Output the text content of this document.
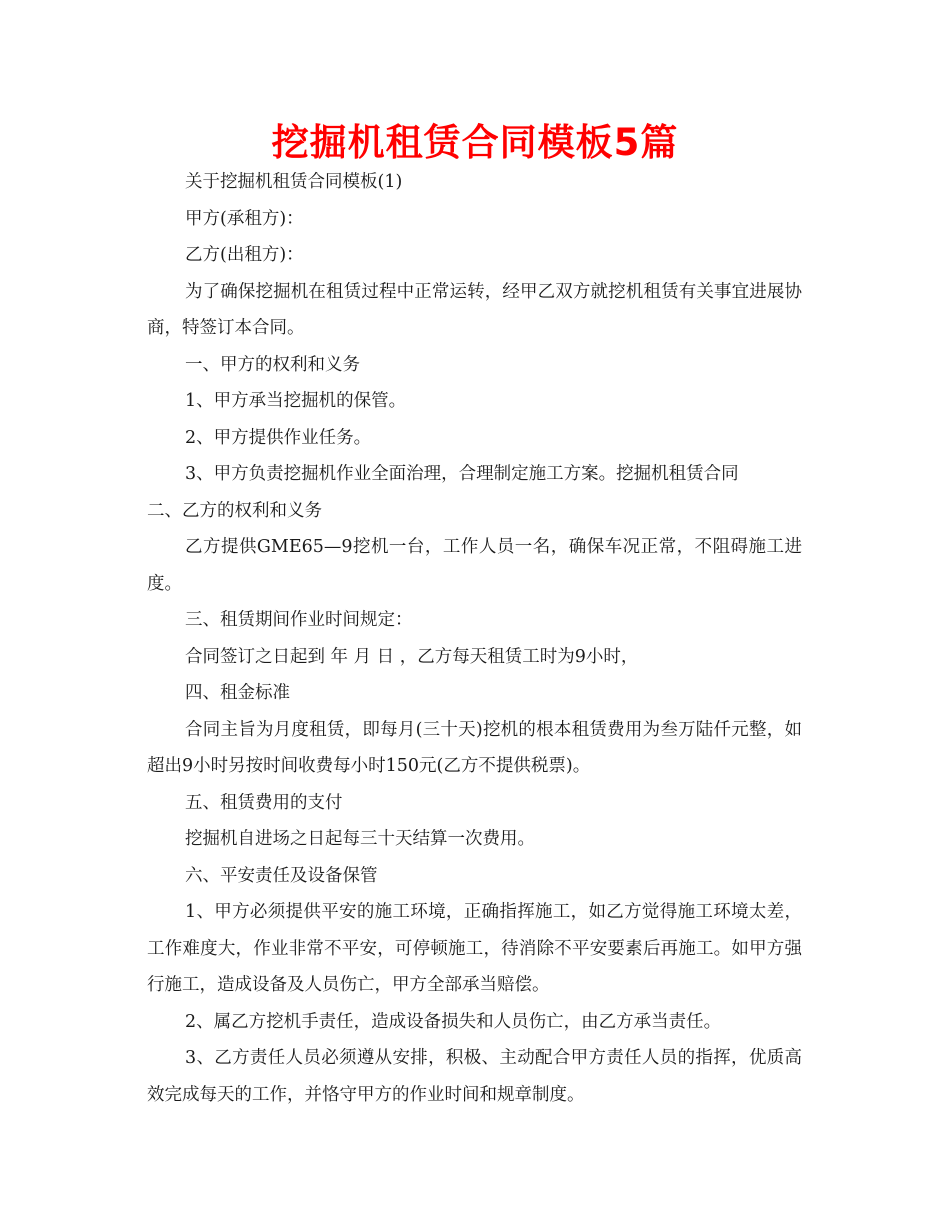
挖掘机租赁合同模板5篇

关于挖掘机租赁合同模板(1)

甲方(承租方)：

乙方(出租方)：

为了确保挖掘机在租赁过程中正常运转，经甲乙双方就挖机租赁有关事宜进展协商，特签订本合同。

一、甲方的权利和义务

1、甲方承当挖掘机的保管。

2、甲方提供作业任务。

3、甲方负责挖掘机作业全面治理，合理制定施工方案。挖掘机租赁合同

二、乙方的权利和义务

乙方提供GME65—9挖机一台，工作人员一名，确保车况正常，不阻碍施工进度。

三、租赁期间作业时间规定：

合同签订之日起到 年 月 日 ，乙方每天租赁工时为9小时，

四、租金标准

合同主旨为月度租赁，即每月(三十天)挖机的根本租赁费用为叁万陆仟元整，如超出9小时另按时间收费每小时150元(乙方不提供税票)。

五、租赁费用的支付

挖掘机自进场之日起每三十天结算一次费用。

六、平安责任及设备保管

1、甲方必须提供平安的施工环境，正确指挥施工，如乙方觉得施工环境太差，工作难度大，作业非常不平安，可停顿施工，待消除不平安要素后再施工。如甲方强行施工，造成设备及人员伤亡，甲方全部承当赔偿。

2、属乙方挖机手责任，造成设备损失和人员伤亡，由乙方承当责任。

3、乙方责任人员必须遵从安排，积极、主动配合甲方责任人员的指挥，优质高效完成每天的工作，并恪守甲方的作业时间和规章制度。
